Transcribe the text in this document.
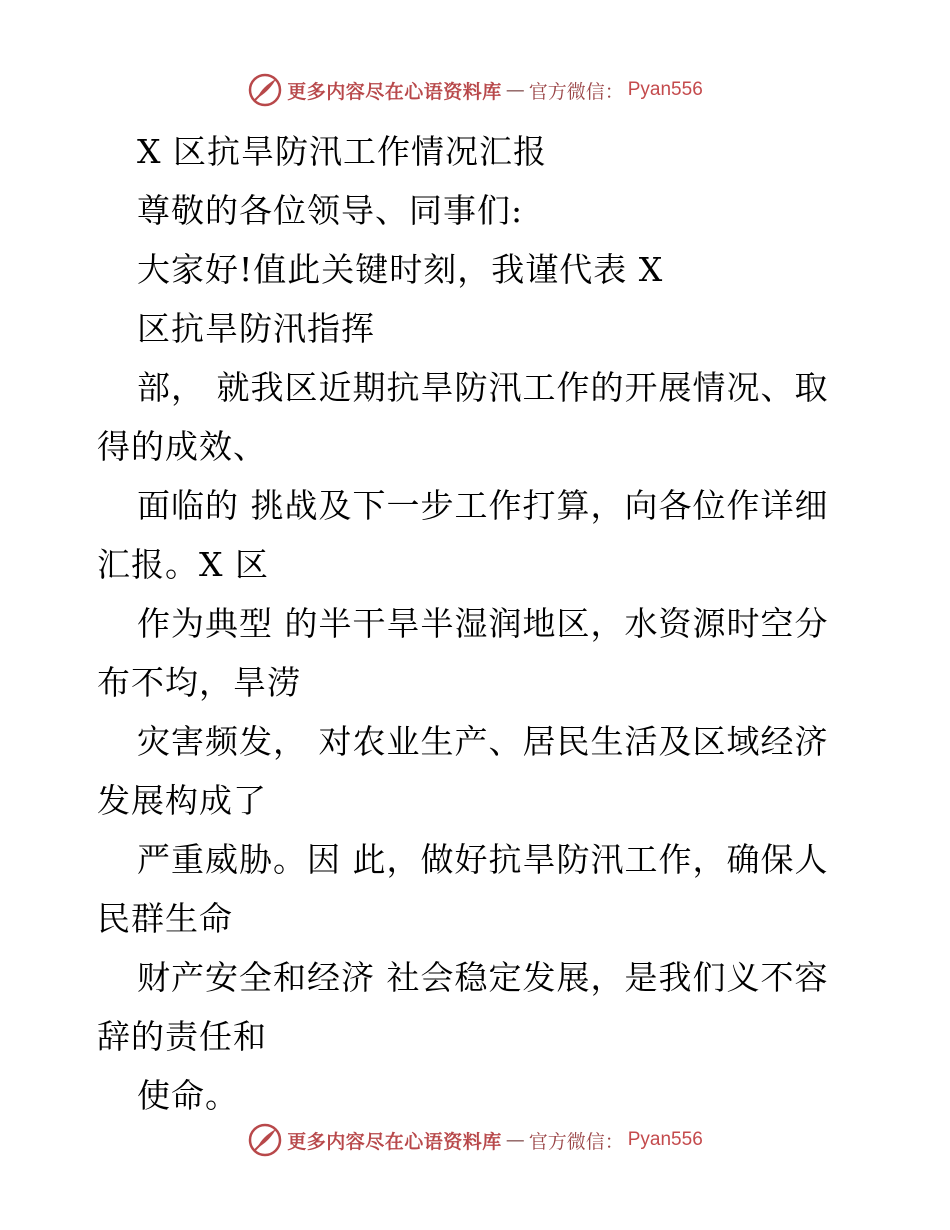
更多内容尽在心语资料库 — 官方微信： Pyan556
X 区抗旱防汛工作情况汇报
尊敬的各位领导、同事们:
大家好!值此关键时刻，我谨代表 X
区抗旱防汛指挥
部， 就我区近期抗旱防汛工作的开展情况、取
得的成效、
面临的 挑战及下一步工作打算，向各位作详细
汇报。X 区
作为典型 的半干旱半湿润地区，水资源时空分
布不均，旱涝
灾害频发， 对农业生产、居民生活及区域经济
发展构成了
严重威胁。因 此，做好抗旱防汛工作，确保人
民群生命
财产安全和经济 社会稳定发展，是我们义不容
辞的责任和
使命。
更多内容尽在心语资料库 — 官方微信： Pyan556
